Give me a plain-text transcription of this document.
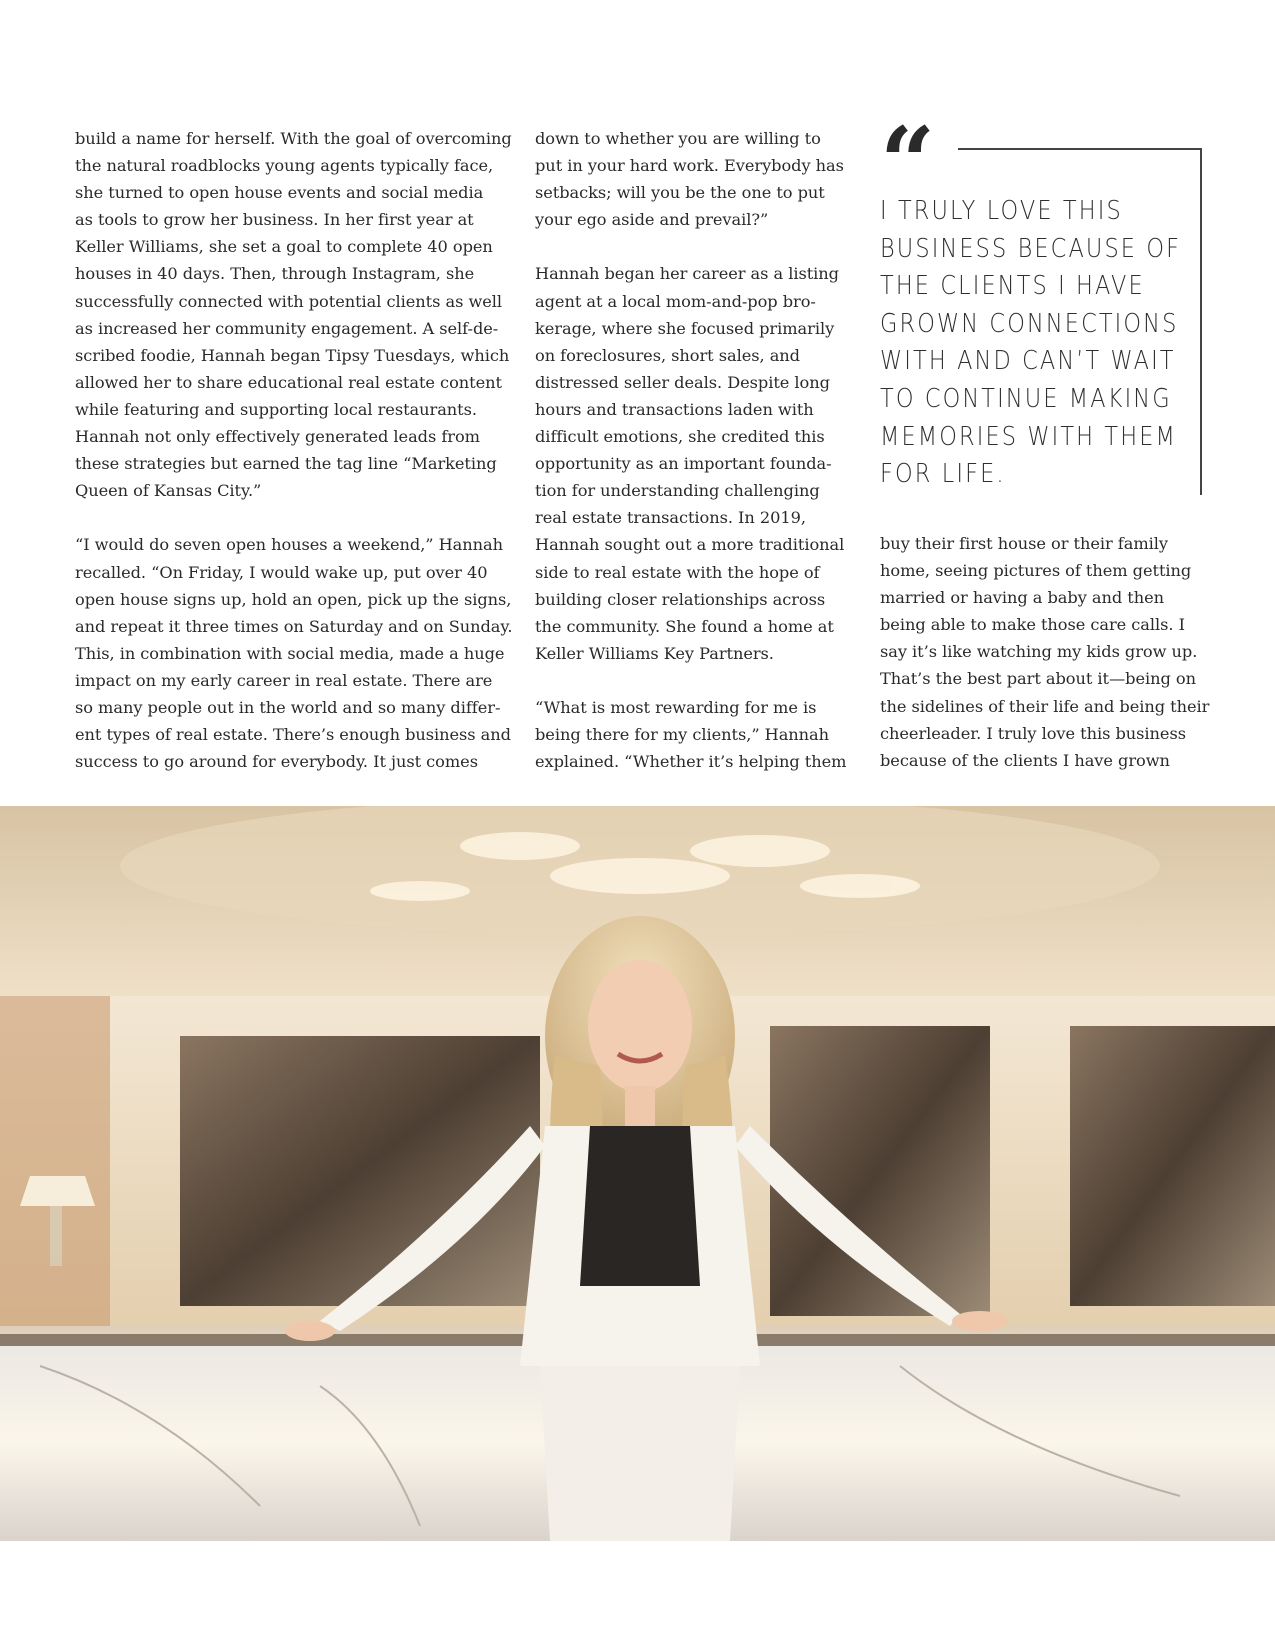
build a name for herself. With the goal of overcoming
the natural roadblocks young agents typically face,
she turned to open house events and social media
as tools to grow her business. In her first year at
Keller Williams, she set a goal to complete 40 open
houses in 40 days. Then, through Instagram, she
successfully connected with potential clients as well
as increased her community engagement. A self-de-
scribed foodie, Hannah began Tipsy Tuesdays, which
allowed her to share educational real estate content
while featuring and supporting local restaurants.
Hannah not only effectively generated leads from
these strategies but earned the tag line “Marketing
Queen of Kansas City.”
“I would do seven open houses a weekend,” Hannah
recalled. “On Friday, I would wake up, put over 40
open house signs up, hold an open, pick up the signs,
and repeat it three times on Saturday and on Sunday.
This, in combination with social media, made a huge
impact on my early career in real estate. There are
so many people out in the world and so many differ-
ent types of real estate. There’s enough business and
success to go around for everybody. It just comes
down to whether you are willing to
put in your hard work. Everybody has
setbacks; will you be the one to put
your ego aside and prevail?”
Hannah began her career as a listing
agent at a local mom-and-pop bro-
kerage, where she focused primarily
on foreclosures, short sales, and
distressed seller deals. Despite long
hours and transactions laden with
difficult emotions, she credited this
opportunity as an important founda-
tion for understanding challenging
real estate transactions. In 2019,
Hannah sought out a more traditional
side to real estate with the hope of
building closer relationships across
the community. She found a home at
Keller Williams Key Partners.
“What is most rewarding for me is
being there for my clients,” Hannah
explained. “Whether it’s helping them
“
I TRULY LOVE THIS
BUSINESS BECAUSE OF
THE CLIENTS I HAVE
GROWN CONNECTIONS
WITH AND CAN’T WAIT
TO CONTINUE MAKING
MEMORIES WITH THEM
FOR LIFE.
buy their first house or their family
home, seeing pictures of them getting
married or having a baby and then
being able to make those care calls. I
say it’s like watching my kids grow up.
That’s the best part about it—being on
the sidelines of their life and being their
cheerleader. I truly love this business
because of the clients I have grown
